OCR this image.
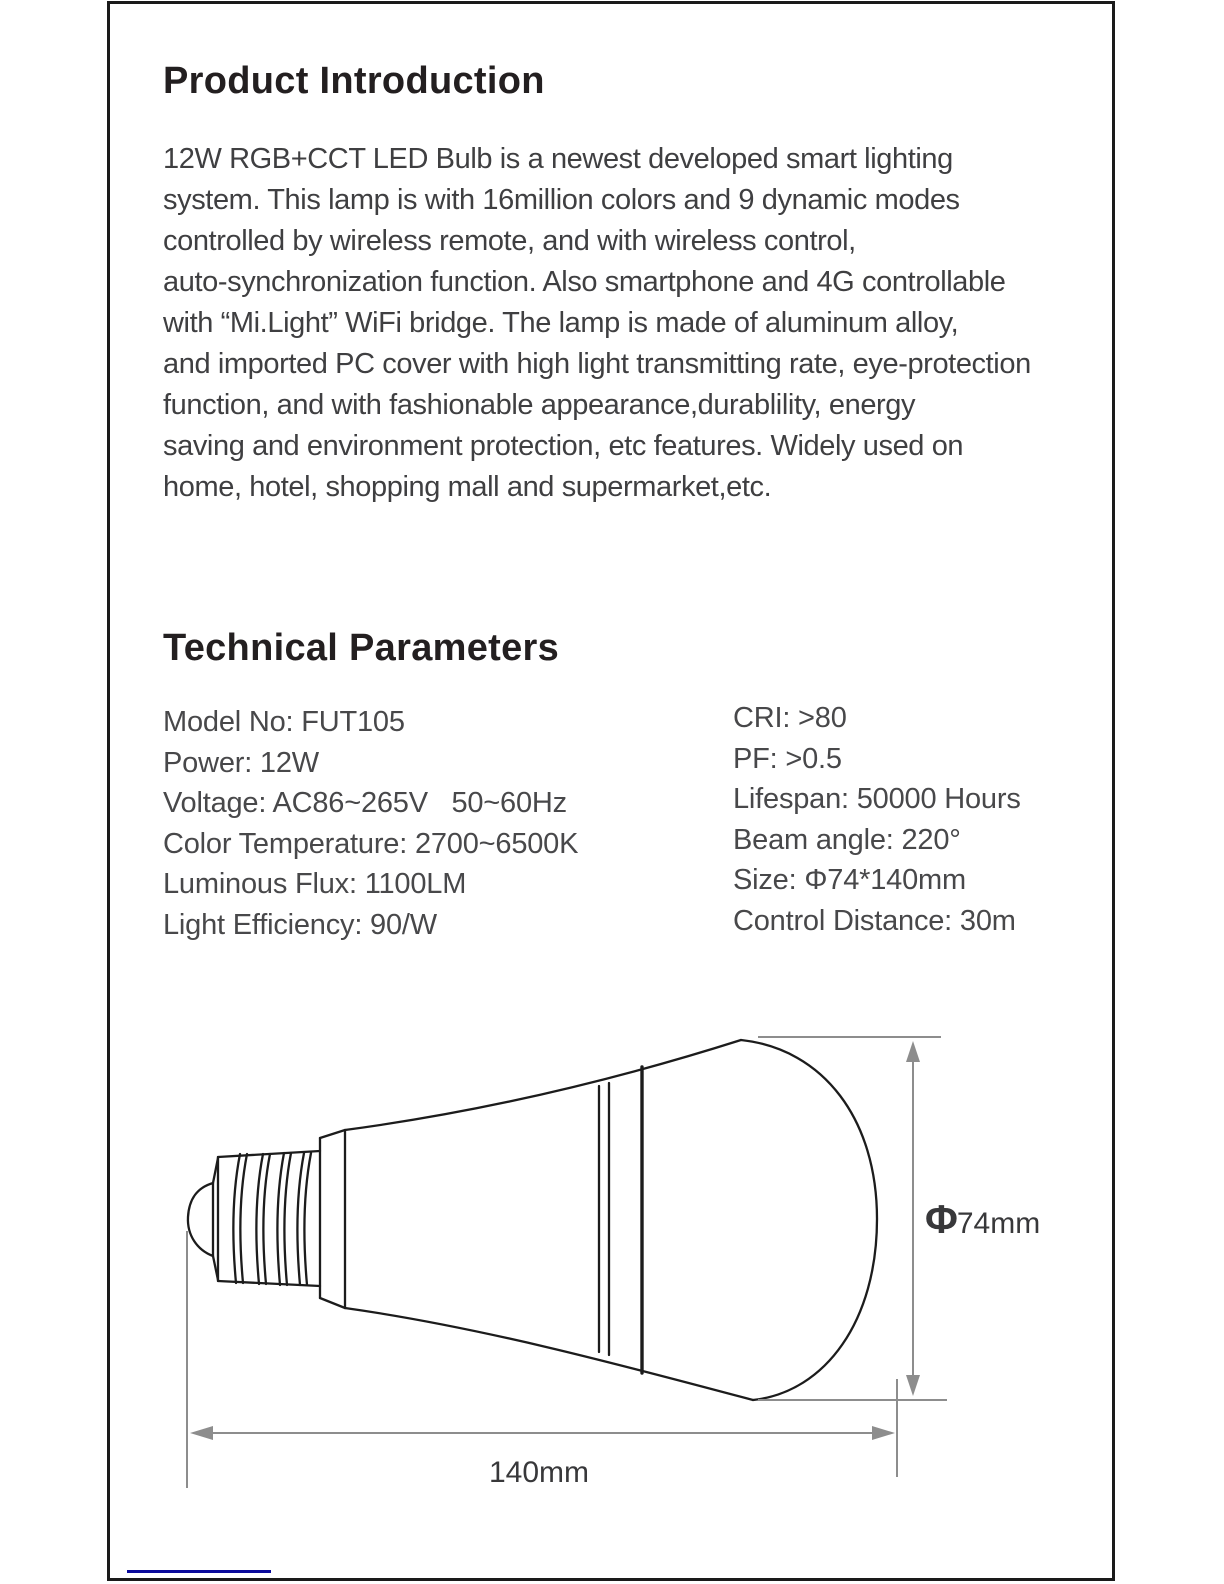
Product Introduction
12W RGB+CCT LED Bulb is a newest developed smart lighting
system. This lamp is with 16million colors and 9 dynamic modes
controlled by wireless remote, and with wireless control,
auto-synchronization function. Also smartphone and 4G controllable
with “Mi.Light” WiFi bridge. The lamp is made of aluminum alloy,
and imported PC cover with high light transmitting rate, eye-protection
function, and with fashionable appearance,durablility, energy
saving and environment protection, etc features. Widely used on
home, hotel, shopping mall and supermarket,etc.
Technical Parameters
Model No: FUT105
Power: 12W
Voltage: AC86~265V   50~60Hz
Color Temperature: 2700~6500K
Luminous Flux: 1100LM
Light Efficiency: 90/W
CRI: >80
PF: >0.5
Lifespan: 50000 Hours
Beam angle: 220°
Size: Φ74*140mm
Control Distance: 30m
Φ 74mm
140mm
